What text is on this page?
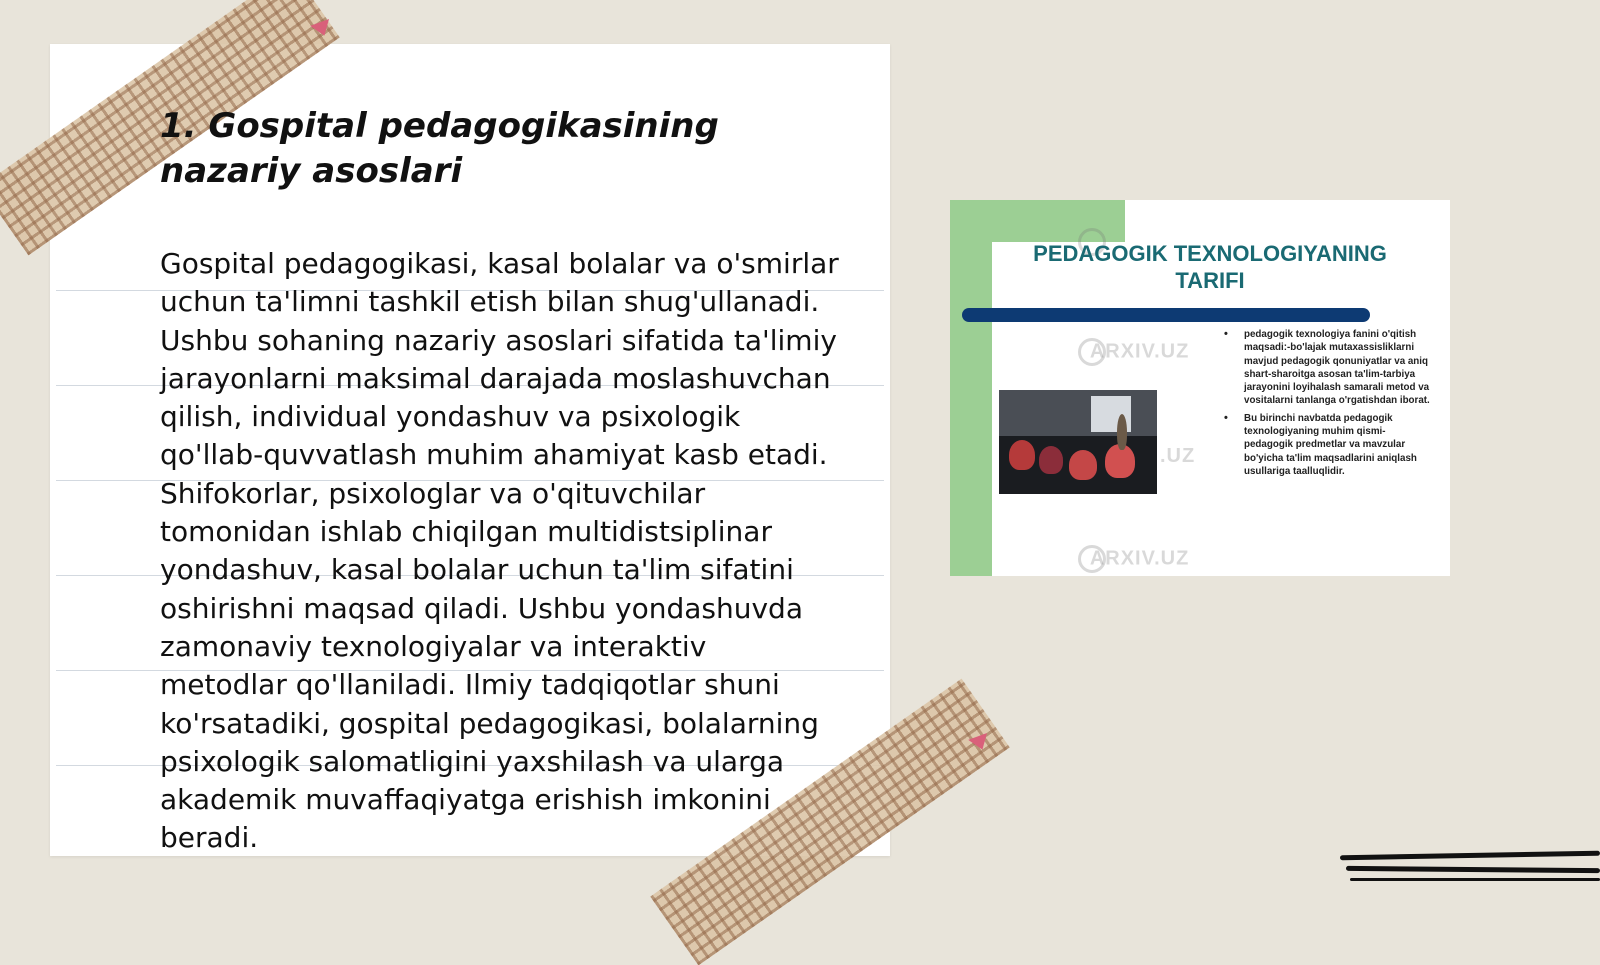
1. Gospital pedagogikasining nazariy asoslari

Gospital pedagogikasi, kasal bolalar va o'smirlar uchun ta'limni tashkil etish bilan shug'ullanadi. Ushbu sohaning nazariy asoslari sifatida ta'limiy jarayonlarni maksimal darajada moslashuvchan qilish, individual yondashuv va psixologik qo'llab-quvvatlash muhim ahamiyat kasb etadi. Shifokorlar, psixologlar va o'qituvchilar tomonidan ishlab chiqilgan multidistsiplinar yondashuv, kasal bolalar uchun ta'lim sifatini oshirishni maqsad qiladi. Ushbu yondashuvda zamonaviy texnologiyalar va interaktiv metodlar qo'llaniladi. Ilmiy tadqiqotlar shuni ko'rsatadiki, gospital pedagogikasi, bolalarning psixologik salomatligini yaxshilash va ularga akademik muvaffaqiyatga erishish imkonini beradi.

PEDAGOGIK TEXNOLOGIYANING TARIFI
ARXIV.UZ
.UZ
ARXIV.UZ
• pedagogik texnologiya fanini o'qitish maqsadi:-bo'lajak mutaxassisliklarni mavjud pedagogik qonuniyatlar va aniq shart-sharoitga asosan ta'lim-tarbiya jarayonini loyihalash samarali metod va vositalarni tanlanga o'rgatishdan iborat.
• Bu birinchi navbatda pedagogik texnologiyaning muhim qismi-pedagogik predmetlar va mavzular bo'yicha ta'lim maqsadlarini aniqlash usullariga taalluqlidir.
